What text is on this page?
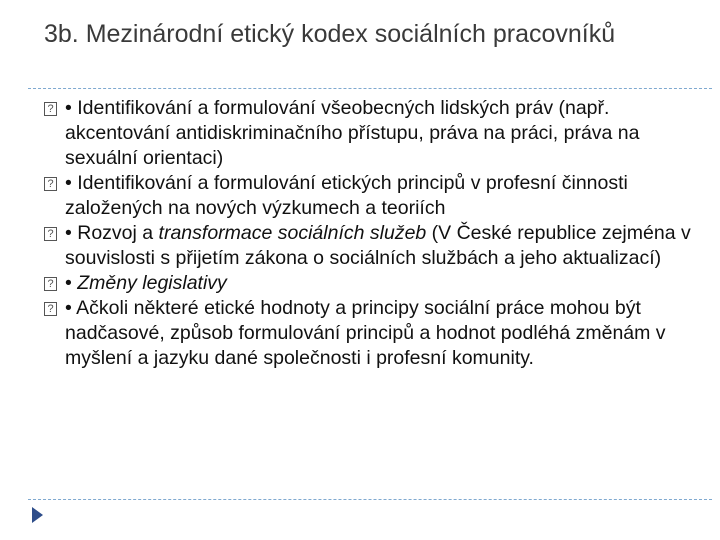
3b. Mezinárodní etický kodex sociálních pracovníků

? • Identifikování a formulování všeobecných lidských práv (např. akcentování antidiskriminačního přístupu, práva na práci, práva na sexuální orientaci)

? • Identifikování a formulování etických principů v profesní činnosti založených na nových výzkumech a teoriích

? • Rozvoj a transformace sociálních služeb (V České republice zejména v souvislosti s přijetím zákona o sociálních službách a jeho aktualizací)

? • Změny legislativy

? • Ačkoli některé etické hodnoty a principy sociální práce mohou být nadčasové, způsob formulování principů a hodnot podléhá změnám v myšlení a jazyku dané společnosti i profesní komunity.
